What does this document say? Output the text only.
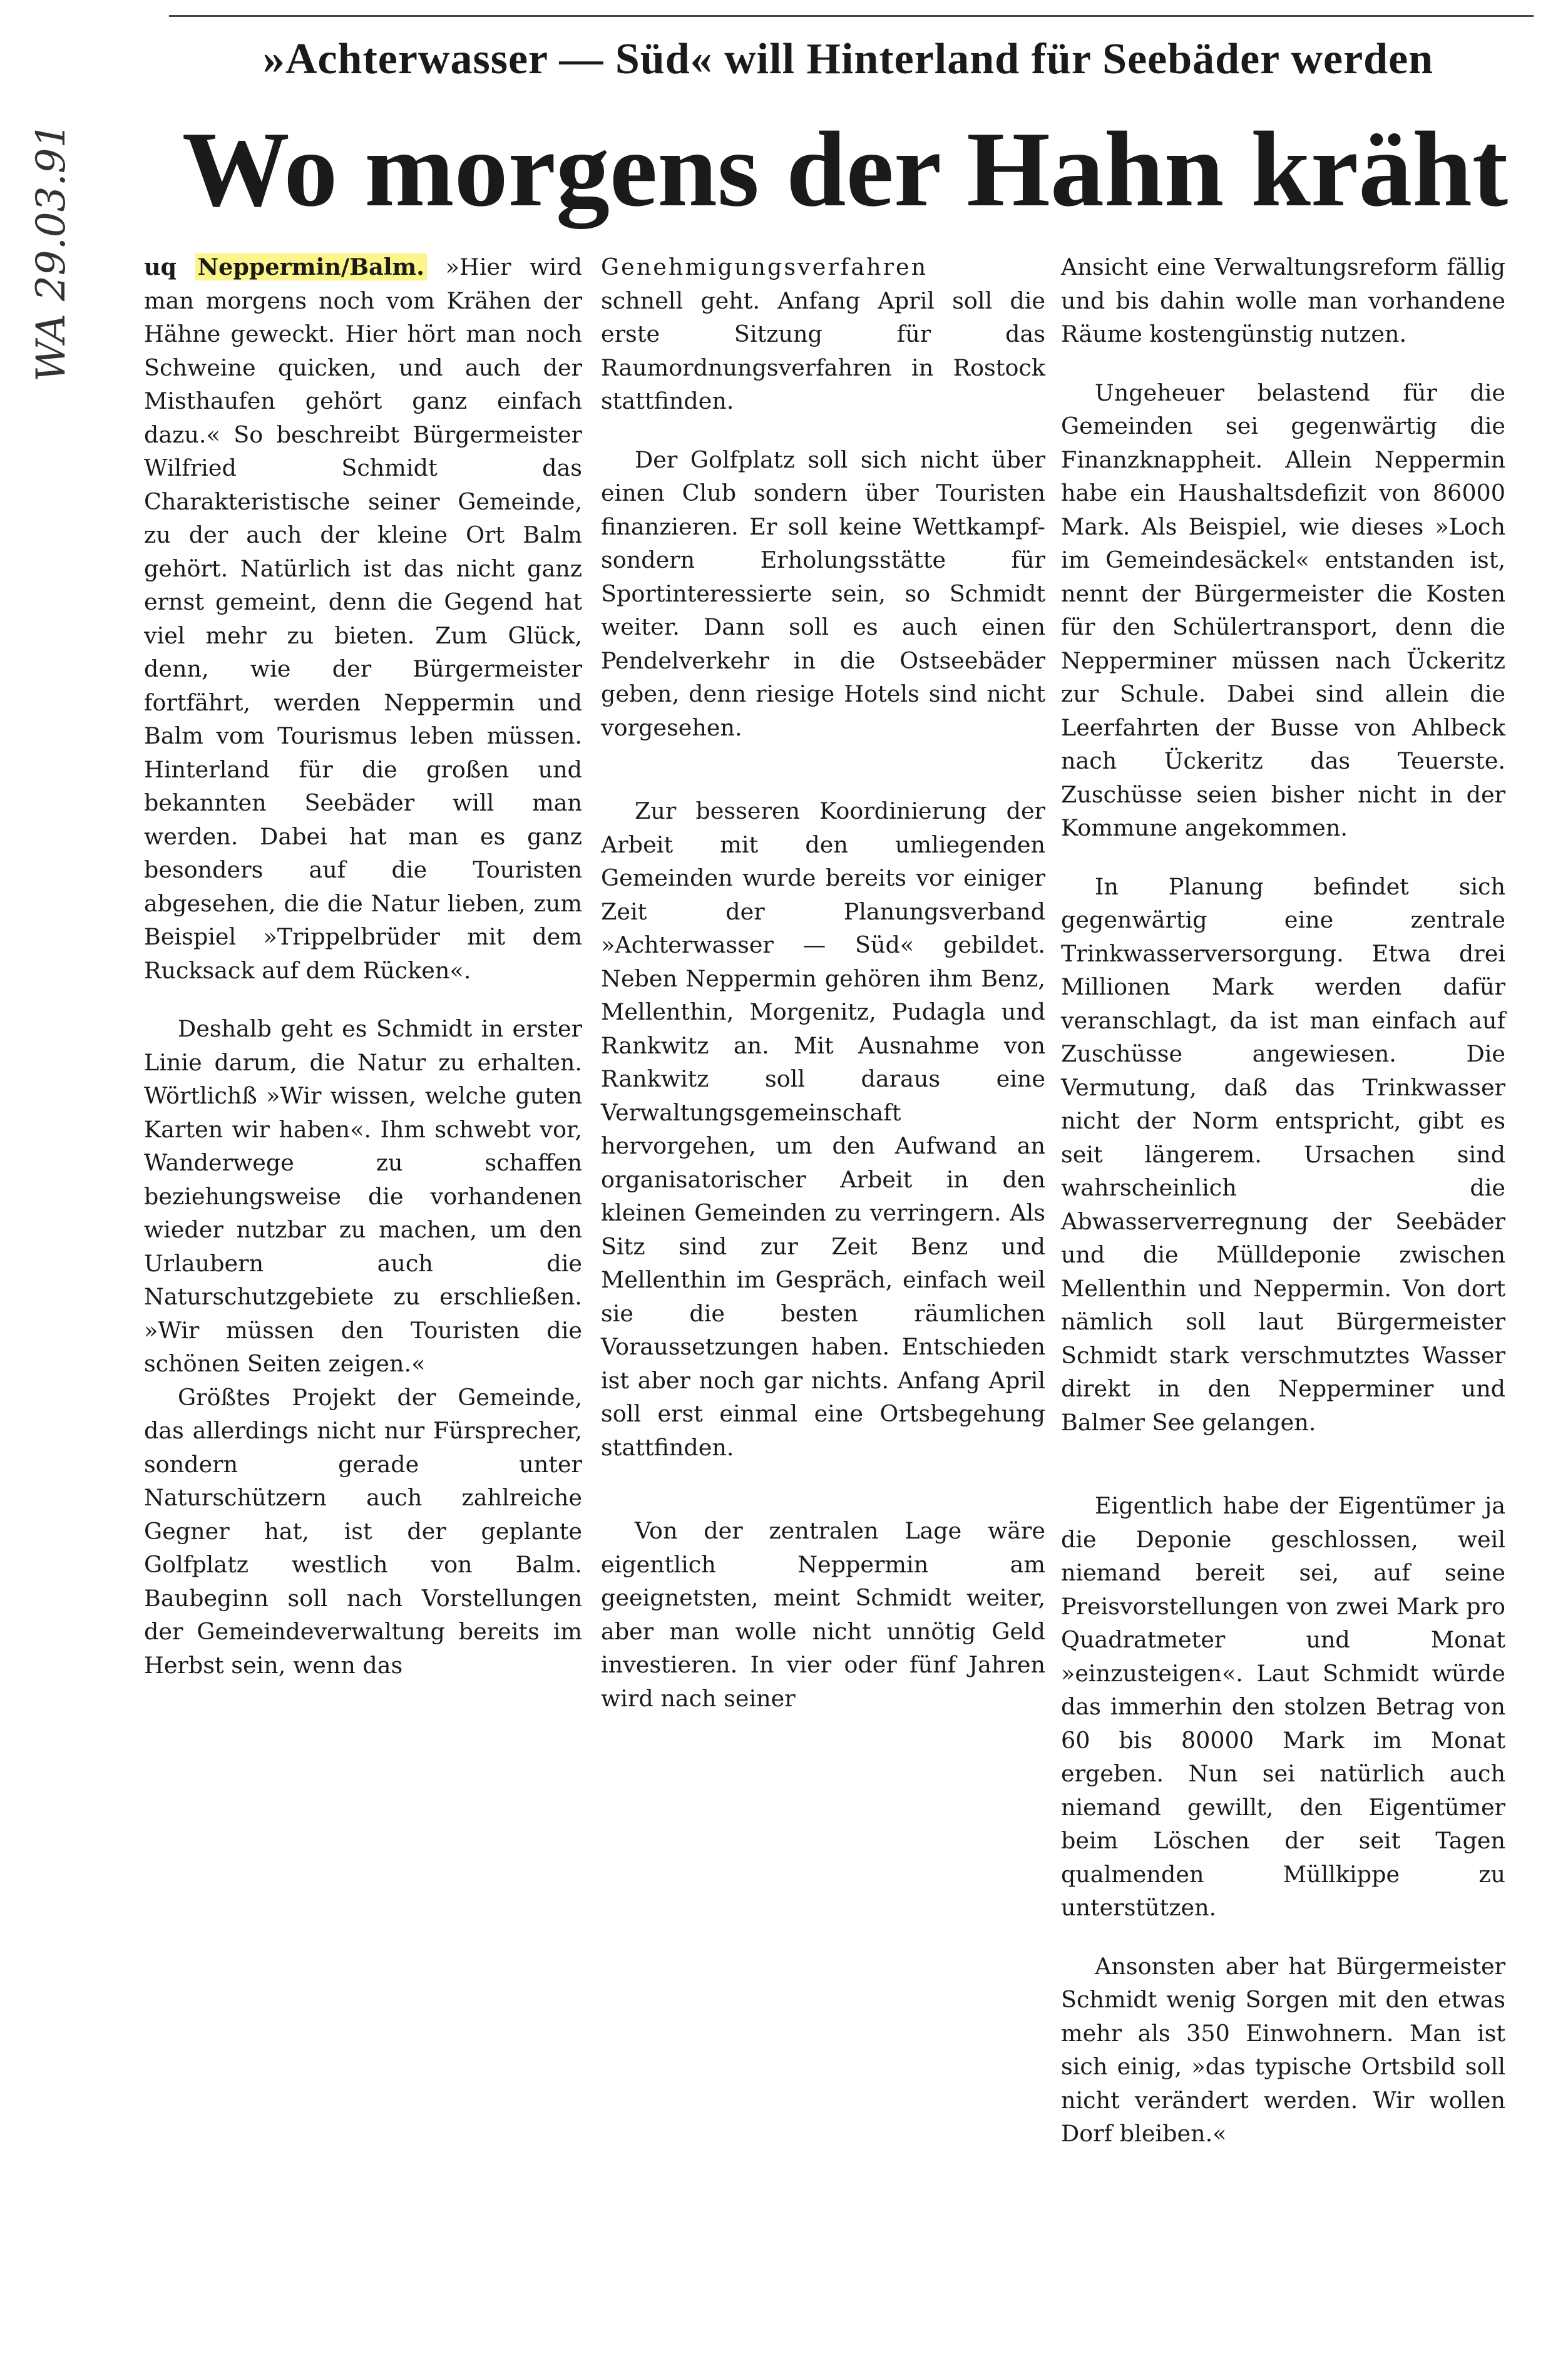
»Achterwasser — Süd« will Hinterland für Seebäder werden
Wo morgens der Hahn kräht
WA 29.03.91	uq Neppermin/Balm. »Hier wird man morgens noch vom Krähen der Hähne geweckt. Hier hört man noch Schweine quicken, und auch der Misthaufen gehört ganz einfach dazu.« So beschreibt Bürgermeister Wilfried Schmidt das Charakteristische seiner Gemeinde, zu der auch der kleine Ort Balm gehört. Natürlich ist das nicht ganz ernst gemeint, denn die Gegend hat viel mehr zu bieten. Zum Glück, denn, wie der Bürgermeister fortfährt, werden Neppermin und Balm vom Tourismus leben müssen. Hinterland für die großen und bekannten Seebäder will man werden. Dabei hat man es ganz besonders auf die Touristen abgesehen, die die Natur lieben, zum Beispiel »Trippelbrüder mit dem Rucksack auf dem Rücken«.

Deshalb geht es Schmidt in erster Linie darum, die Natur zu erhalten. Wörtlichß »Wir wissen, welche guten Karten wir haben«. Ihm schwebt vor, Wanderwege zu schaffen beziehungsweise die vorhandenen wieder nutzbar zu machen, um den Urlaubern auch die Naturschutzgebiete zu erschließen. »Wir müssen den Touristen die schönen Seiten zeigen.«

Größtes Projekt der Gemeinde, das allerdings nicht nur Fürsprecher, sondern gerade unter Naturschützern auch zahlreiche Gegner hat, ist der geplante Golfplatz westlich von Balm. Baubeginn soll nach Vorstellungen der Gemeindeverwaltung bereits im Herbst sein, wenn das

Genehmigungsverfahren

schnell geht. Anfang April soll die erste Sitzung für das Raumordnungsverfahren in Rostock stattfinden.

Der Golfplatz soll sich nicht über einen Club sondern über Touristen finanzieren. Er soll keine Wettkampf- sondern Erholungsstätte für Sportinteressierte sein, so Schmidt weiter. Dann soll es auch einen Pendelverkehr in die Ostseebäder geben, denn riesige Hotels sind nicht vorgesehen.

Zur besseren Koordinierung der Arbeit mit den umliegenden Gemeinden wurde bereits vor einiger Zeit der Planungsverband »Achterwasser — Süd« gebildet. Neben Neppermin gehören ihm Benz, Mellenthin, Morgenitz, Pudagla und Rankwitz an. Mit Ausnahme von Rankwitz soll daraus eine Verwaltungsgemeinschaft hervorgehen, um den Aufwand an organisatorischer Arbeit in den kleinen Gemeinden zu verringern. Als Sitz sind zur Zeit Benz und Mellenthin im Gespräch, einfach weil sie die besten räumlichen Voraussetzungen haben. Entschieden ist aber noch gar nichts. Anfang April soll erst einmal eine Ortsbegehung stattfinden.

Von der zentralen Lage wäre eigentlich Neppermin am geeignetsten, meint Schmidt weiter, aber man wolle nicht unnötig Geld investieren. In vier oder fünf Jahren wird nach seiner

Ansicht eine Verwaltungsreform fällig und bis dahin wolle man vorhandene Räume kostengünstig nutzen.

Ungeheuer belastend für die Gemeinden sei gegenwärtig die Finanzknappheit. Allein Neppermin habe ein Haushaltsdefizit von 86000 Mark. Als Beispiel, wie dieses »Loch im Gemeindesäckel« entstanden ist, nennt der Bürgermeister die Kosten für den Schülertransport, denn die Nepperminer müssen nach Ückeritz zur Schule. Dabei sind allein die Leerfahrten der Busse von Ahlbeck nach Ückeritz das Teuerste. Zuschüsse seien bisher nicht in der Kommune angekommen.

In Planung befindet sich gegenwärtig eine zentrale Trinkwasserversorgung. Etwa drei Millionen Mark werden dafür veranschlagt, da ist man einfach auf Zuschüsse angewiesen. Die Vermutung, daß das Trinkwasser nicht der Norm entspricht, gibt es seit längerem. Ursachen sind wahrscheinlich die Abwasserverregnung der Seebäder und die Mülldeponie zwischen Mellenthin und Neppermin. Von dort nämlich soll laut Bürgermeister Schmidt stark verschmutztes Wasser direkt in den Nepperminer und Balmer See gelangen.

Eigentlich habe der Eigentümer ja die Deponie geschlossen, weil niemand bereit sei, auf seine Preisvorstellungen von zwei Mark pro Quadratmeter und Monat »einzusteigen«. Laut Schmidt würde das immerhin den stolzen Betrag von 60 bis 80000 Mark im Monat ergeben. Nun sei natürlich auch niemand gewillt, den Eigentümer beim Löschen der seit Tagen qualmenden Müllkippe zu unterstützen.

Ansonsten aber hat Bürgermeister Schmidt wenig Sorgen mit den etwas mehr als 350 Einwohnern. Man ist sich einig, »das typische Ortsbild soll nicht verändert werden. Wir wollen Dorf bleiben.«
